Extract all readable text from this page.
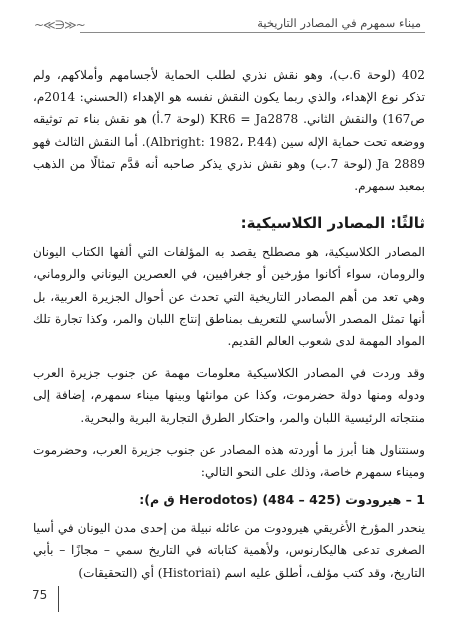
~≪∋≫~	ميناء سمهرم في المصادر التاريخية

402 (لوحة 6.ب)، وهو نقش نذري لطلب الحماية لأجسامهم وأملاكهم، ولم تذكر نوع الإهداء، والذي ربما يكون النقش نفسه هو الإهداء (الحسني: 2014م، ص167) والنقش الثاني. KR6 = Ja2878 (لوحة 7.أ) هو نقش بناء تم توثيقه ووضعه تحت حماية الإله سين (Albright: 1982، P.44). أما النقش الثالث فهو Ja 2889 (لوحة 7.ب) وهو نقش نذري يذكر صاحبه أنه قدَّم تمثالًا من الذهب بمعبد سمهرم.

ثالثًا: المصادر الكلاسيكية:

المصادر الكلاسيكية، هو مصطلح يقصد به المؤلفات التي ألفها الكتاب اليونان والرومان، سواء أكانوا مؤرخين أو جغرافيين، في العصرين اليوناني والروماني، وهي تعد من أهم المصادر التاريخية التي تحدث عن أحوال الجزيرة العربية، بل أنها تمثل المصدر الأساسي للتعريف بمناطق إنتاج اللبان والمر، وكذا تجارة تلك المواد المهمة لدى شعوب العالم القديم.

وقد وردت في المصادر الكلاسيكية معلومات مهمة عن جنوب جزيرة العرب ودوله ومنها دولة حضرموت، وكذا عن موانئها وبينها ميناء سمهرم، إضافة إلى منتجاته الرئيسية اللبان والمر، واحتكار الطرق التجارية البرية والبحرية.

وسنتناول هنا أبرز ما أوردته هذه المصادر عن جنوب جزيرة العرب، وحضرموت وميناء سمهرم خاصة، وذلك على النحو التالي:

1 – هيرودوت (425 – 484) (Herodotos ق م):

ينحدر المؤرخ الأغريقي هيرودوت من عائله نبيلة من إحدى مدن اليونان في أسيا الصغرى تدعى هاليكارنوس، ولأهمية كتاباته في التاريخ سمي – مجازًا – بأبي التاريخ، وقد كتب مؤلف، أطلق عليه اسم (Historiai) أي (التحقيقات)

75
